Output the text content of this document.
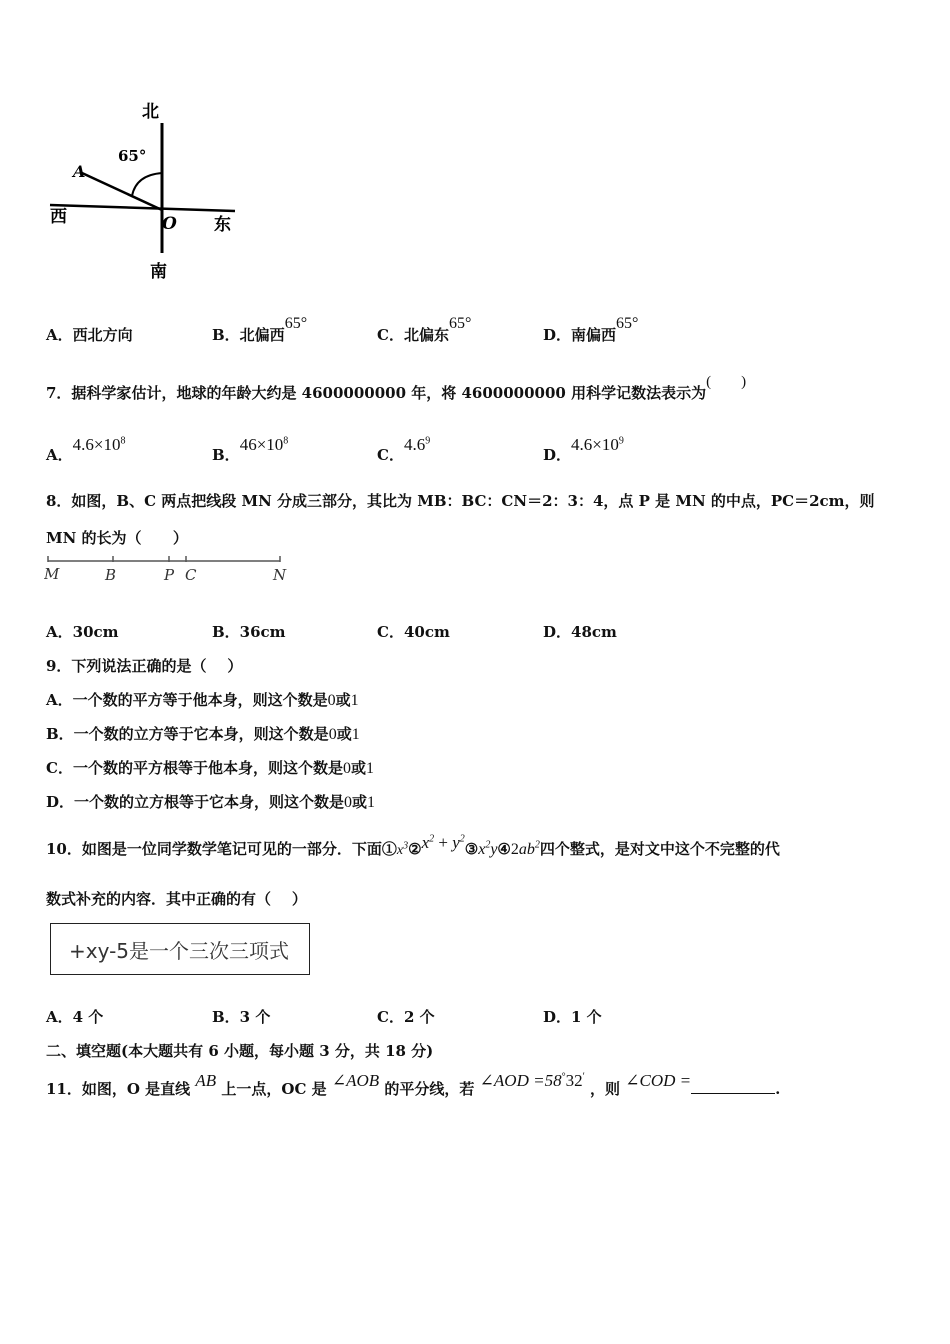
北
南
西	东
65°
A
O
A．西北方向	B．北偏西65°
C．北偏东65°
D．南偏西65°
7．据科学家估计，地球的年龄大约是 4600000000 年，将 4600000000 用科学记数法表示为(        )
A．$4.6\times 10^8$
B．$46\times 10^8$
C．$4.6^9$
D．$4.6\times 10^9$
8．如图，B、C 两点把线段 MN 分成三部分，其比为 MB：BC：CN＝2：3：4，点 P 是 MN 的中点，PC＝2cm，则
MN 的长为（      ）
M	B	P C	N
A．30cm	B．36cm	C．40cm	D．48cm
9．下列说法正确的是（    ）
A．一个数的平方等于他本身，则这个数是0或1
B．一个数的立方等于它本身，则这个数是0或1
C．一个数的平方根等于他本身，则这个数是0或1
D．一个数的立方根等于它本身，则这个数是0或1
10．如图是一位同学数学笔记可见的一部分．下面$①x^3②x^2$ + $y^2③x^2y④2ab^2$四个整式，是对文中这个不完整的代
数式补充的内容．其中正确的有（    ）
+xy-5是一个三次三项式
A．4 个	B．3 个	C．2 个	D．1 个
二、填空题(本大题共有 6 小题，每小题 3 分，共 18 分)
11．如图，O 是直线 AB 上一点，OC 是 ∠AOB 的平分线，若 ∠AOD =58°32′ ，则 ∠COD =	.
